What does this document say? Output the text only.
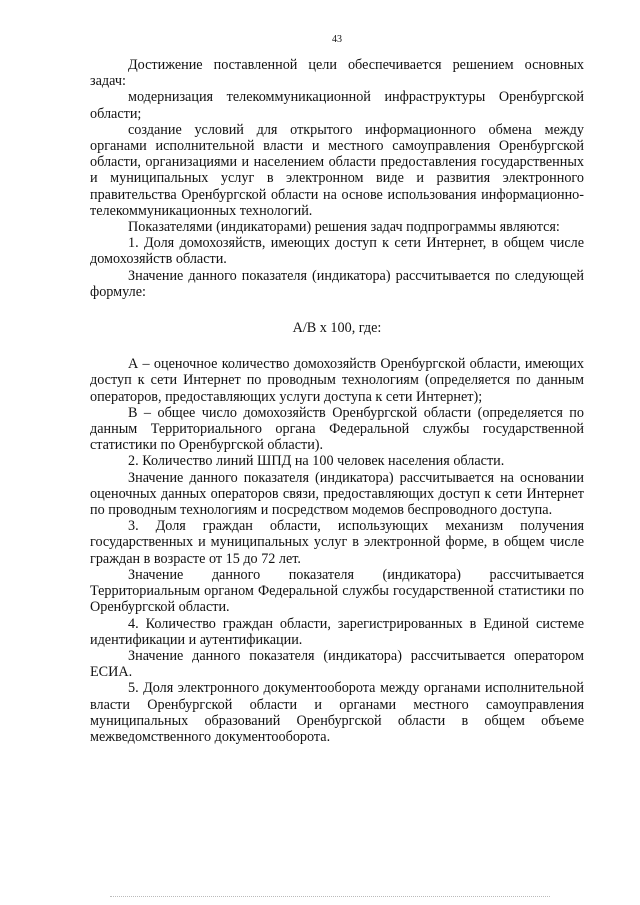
43

Достижение поставленной цели обеспечивается решением основных задач:

модернизация телекоммуникационной инфраструктуры Оренбургской области;

создание условий для открытого информационного обмена между органами исполнительной власти и местного самоуправления Оренбургской области, организациями и населением области предоставления государственных и муниципальных услуг в электронном виде и развития электронного правительства Оренбургской области на основе использования информационно-телекоммуникационных технологий.

Показателями (индикаторами) решения задач подпрограммы являются:

1. Доля домохозяйств, имеющих доступ к сети Интернет, в общем числе домохозяйств области.

Значение данного показателя (индикатора) рассчитывается по следующей формуле:

А/В х 100, где:

А – оценочное количество домохозяйств Оренбургской области, имеющих доступ к сети Интернет по проводным технологиям (определяется по данным операторов, предоставляющих услуги доступа к сети Интернет);

В – общее число домохозяйств Оренбургской области (определяется по данным Территориального органа Федеральной службы государственной статистики по Оренбургской области).

2. Количество линий ШПД на 100 человек населения области.

Значение данного показателя (индикатора) рассчитывается на основании оценочных данных операторов связи, предоставляющих доступ к сети Интернет по проводным технологиям и посредством модемов беспроводного доступа.

3. Доля граждан области, использующих механизм получения государственных и муниципальных услуг в электронной форме, в общем числе граждан в возрасте от 15 до 72 лет.

Значение данного показателя (индикатора) рассчитывается Территориальным органом Федеральной службы государственной статистики по Оренбургской области.

4. Количество граждан области, зарегистрированных в Единой системе идентификации и аутентификации.

Значение данного показателя (индикатора) рассчитывается оператором ЕСИА.

5. Доля электронного документооборота между органами исполнительной власти Оренбургской области и органами местного самоуправления муниципальных образований Оренбургской области в общем объеме межведомственного документооборота.
